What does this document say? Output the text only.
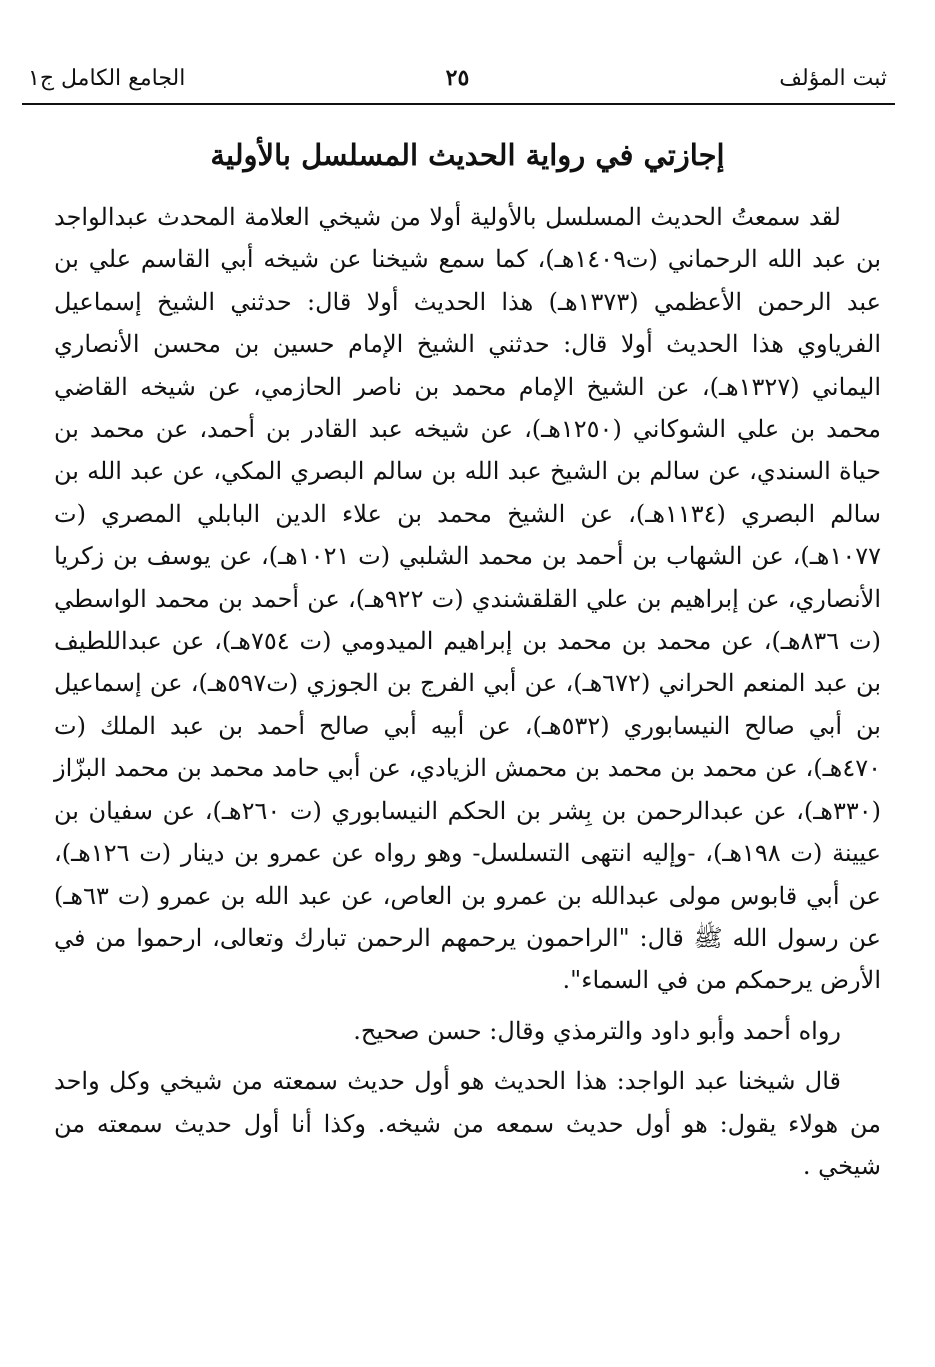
ثبت المؤلف
٢٥
الجامع الكامل ج١
إجازتي في رواية الحديث المسلسل بالأولية

لقد سمعتُ الحديث المسلسل بالأولية أولا من شيخي العلامة المحدث عبدالواجد بن عبد الله الرحماني (ت١٤٠٩هـ)، كما سمع شيخنا عن شيخه أبي القاسم علي بن عبد الرحمن الأعظمي (١٣٧٣هـ) هذا الحديث أولا قال: حدثني الشيخ إسماعيل الفرياوي هذا الحديث أولا قال: حدثني الشيخ الإمام حسين بن محسن الأنصاري اليماني (١٣٢٧هـ)، عن الشيخ الإمام محمد بن ناصر الحازمي، عن شيخه القاضي محمد بن علي الشوكاني (١٢٥٠هـ)، عن شيخه عبد القادر بن أحمد، عن محمد بن حياة السندي، عن سالم بن الشيخ عبد الله بن سالم البصري المكي، عن عبد الله بن سالم البصري (١١٣٤هـ)، عن الشيخ محمد بن علاء الدين البابلي المصري (ت ١٠٧٧هـ)، عن الشهاب بن أحمد بن محمد الشلبي (ت ١٠٢١هـ)، عن يوسف بن زكريا الأنصاري، عن إبراهيم بن علي القلقشندي (ت ٩٢٢هـ)، عن أحمد بن محمد الواسطي (ت ٨٣٦هـ)، عن محمد بن محمد بن إبراهيم الميدومي (ت ٧٥٤هـ)، عن عبداللطيف بن عبد المنعم الحراني (٦٧٢هـ)، عن أبي الفرج بن الجوزي (ت٥٩٧هـ)، عن إسماعيل بن أبي صالح النيسابوري (٥٣٢هـ)، عن أبيه أبي صالح أحمد بن عبد الملك (ت ٤٧٠هـ)، عن محمد بن محمد بن محمش الزيادي، عن أبي حامد محمد بن محمد البزّاز (٣٣٠هـ)، عن عبدالرحمن بن بِشر بن الحكم النيسابوري (ت ٢٦٠هـ)، عن سفيان بن عيينة (ت ١٩٨هـ)، -وإليه انتهى التسلسل- وهو رواه عن عمرو بن دينار (ت ١٢٦هـ)، عن أبي قابوس مولى عبدالله بن عمرو بن العاص، عن عبد الله بن عمرو (ت ٦٣هـ) عن رسول الله ﷺ قال: "الراحمون يرحمهم الرحمن تبارك وتعالى، ارحموا من في الأرض يرحمكم من في السماء".

رواه أحمد وأبو داود والترمذي وقال: حسن صحيح.

قال شيخنا عبد الواجد: هذا الحديث هو أول حديث سمعته من شيخي وكل واحد من هولاء يقول: هو أول حديث سمعه من شيخه. وكذا أنا أول حديث سمعته من شيخي .
